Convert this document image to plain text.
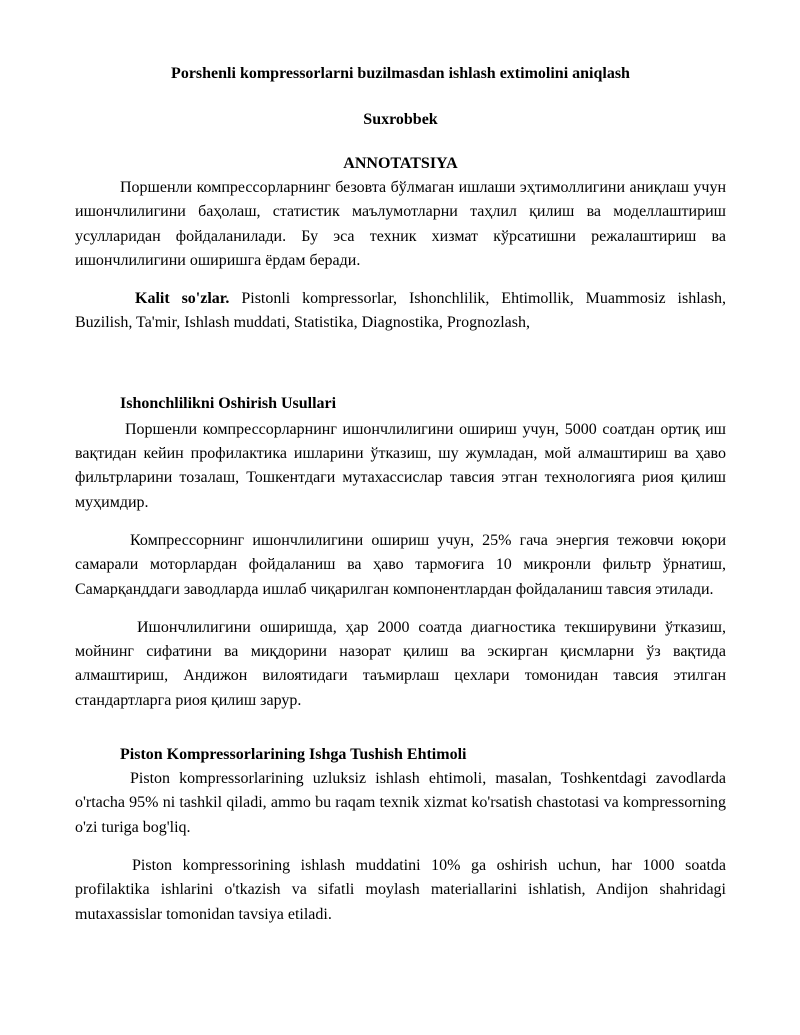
Porshenli kompressorlarni buzilmasdan ishlash extimolini aniqlash
Suxrobbek
ANNOTATSIYA

Поршенли компрессорларнинг безовта бўлмаган ишлаши эҳтимоллигини аниқлаш учун ишончлилигини баҳолаш, статистик маълумотларни таҳлил қилиш ва моделлаштириш усулларидан фойдаланилади. Бу эса техник хизмат кўрсатишни режалаштириш ва ишончлилигини оширишга ёрдам беради.

Kalit so'zlar. Pistonli kompressorlar, Ishonchlilik, Ehtimollik, Muammosiz ishlash, Buzilish, Ta'mir, Ishlash muddati, Statistika, Diagnostika, Prognozlash,

Ishonchlilikni Oshirish Usullari

Поршенли компрессорларнинг ишончлилигини ошириш учун, 5000 соатдан ортиқ иш вақтидан кейин профилактика ишларини ўтказиш, шу жумладан, мой алмаштириш ва ҳаво фильтрларини тозалаш, Тошкентдаги мутахассислар тавсия этган технологияга риоя қилиш муҳимдир.

Компрессорнинг ишончлилигини ошириш учун, 25% гача энергия тежовчи юқори самарали моторлардан фойдаланиш ва ҳаво тармоғига 10 микронли фильтр ўрнатиш, Самарқанддаги заводларда ишлаб чиқарилган компонентлардан фойдаланиш тавсия этилади.

Ишончлилигини оширишда, ҳар 2000 соатда диагностика текширувини ўтказиш, мойнинг сифатини ва миқдорини назорат қилиш ва эскирган қисмларни ўз вақтида алмаштириш, Андижон вилоятидаги таъмирлаш цехлари томонидан тавсия этилган стандартларга риоя қилиш зарур.

Piston Kompressorlarining Ishga Tushish Ehtimoli

Piston kompressorlarining uzluksiz ishlash ehtimoli, masalan, Toshkentdagi zavodlarda o'rtacha 95% ni tashkil qiladi, ammo bu raqam texnik xizmat ko'rsatish chastotasi va kompressorning o'zi turiga bog'liq.

Piston kompressorining ishlash muddatini 10% ga oshirish uchun, har 1000 soatda profilaktika ishlarini o'tkazish va sifatli moylash materiallarini ishlatish, Andijon shahridagi mutaxassislar tomonidan tavsiya etiladi.
